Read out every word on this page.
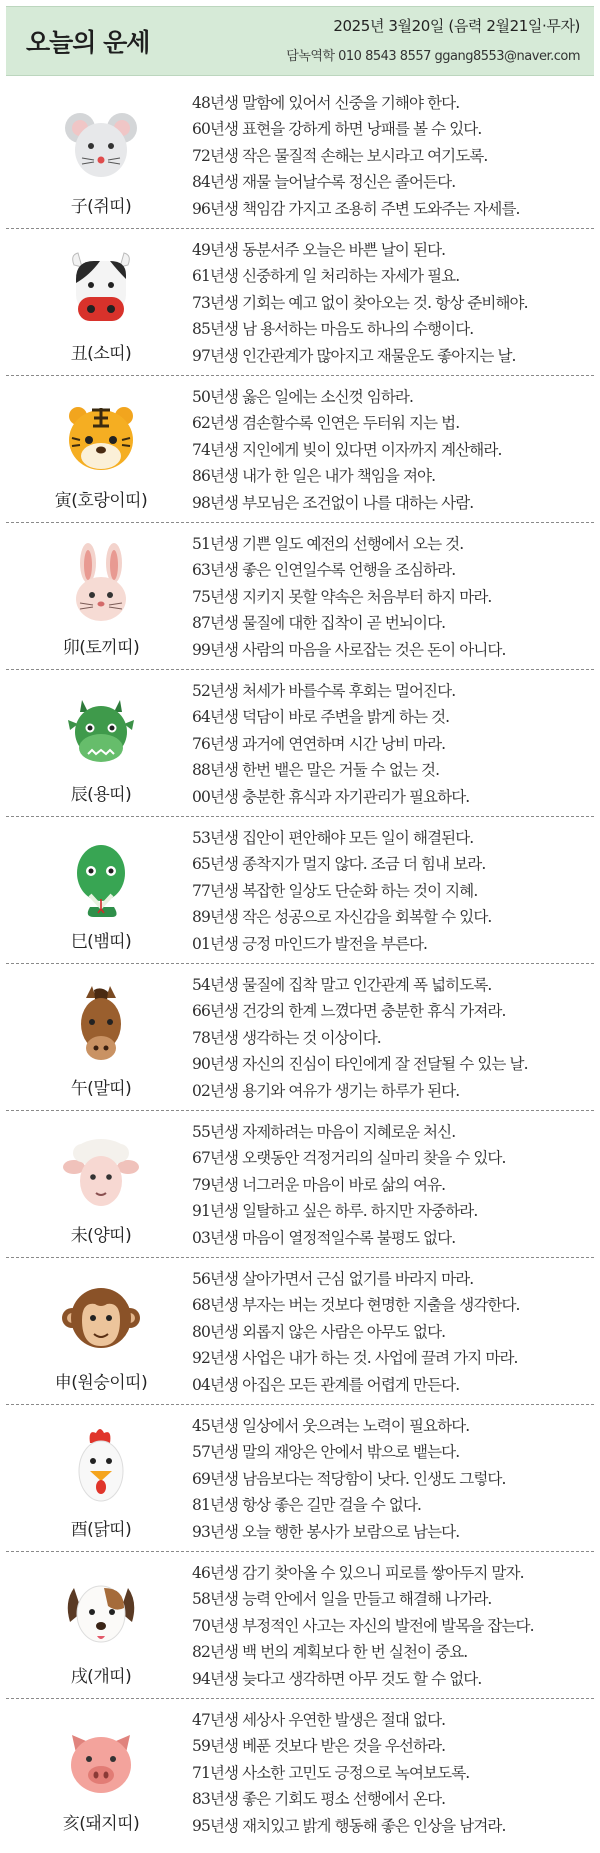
오늘의 운세
2025년 3월20일 (음력 2월21일·무자)
담녹역학 010 8543 8557 ggang8553@naver.com
子(쥐띠)
48년생 말함에 있어서 신중을 기해야 한다.
60년생 표현을 강하게 하면 낭패를 볼 수 있다.
72년생 작은 물질적 손해는 보시라고 여기도록.
84년생 재물 늘어날수록 정신은 졸어든다.
96년생 책임감 가지고 조용히 주변 도와주는 자세를.
丑(소띠)
49년생 동분서주 오늘은 바쁜 날이 된다.
61년생 신중하게 일 처리하는 자세가 필요.
73년생 기회는 예고 없이 찾아오는 것. 항상 준비해야.
85년생 남 용서하는 마음도 하나의 수행이다.
97년생 인간관계가 많아지고 재물운도 좋아지는 날.
寅(호랑이띠)
50년생 옳은 일에는 소신껏 임하라.
62년생 겸손할수록 인연은 두터워 지는 법.
74년생 지인에게 빚이 있다면 이자까지 계산해라.
86년생 내가 한 일은 내가 책임을 져야.
98년생 부모님은 조건없이 나를 대하는 사람.
卯(토끼띠)
51년생 기쁜 일도 예전의 선행에서 오는 것.
63년생 좋은 인연일수록 언행을 조심하라.
75년생 지키지 못할 약속은 처음부터 하지 마라.
87년생 물질에 대한 집착이 곧 번뇌이다.
99년생 사람의 마음을 사로잡는 것은 돈이 아니다.
辰(용띠)
52년생 처세가 바를수록 후회는 멀어진다.
64년생 덕담이 바로 주변을 밝게 하는 것.
76년생 과거에 연연하며 시간 낭비 마라.
88년생 한번 뱉은 말은 거둘 수 없는 것.
00년생 충분한 휴식과 자기관리가 필요하다.
巳(뱀띠)
53년생 집안이 편안해야 모든 일이 해결된다.
65년생 종착지가 멀지 않다. 조금 더 힘내 보라.
77년생 복잡한 일상도 단순화 하는 것이 지혜.
89년생 작은 성공으로 자신감을 회복할 수 있다.
01년생 긍정 마인드가 발전을 부른다.
午(말띠)
54년생 물질에 집착 말고 인간관계 폭 넓히도록.
66년생 건강의 한계 느꼈다면 충분한 휴식 가져라.
78년생 생각하는 것 이상이다.
90년생 자신의 진심이 타인에게 잘 전달될 수 있는 날.
02년생 용기와 여유가 생기는 하루가 된다.
未(양띠)
55년생 자제하려는 마음이 지혜로운 처신.
67년생 오랫동안 걱정거리의 실마리 찾을 수 있다.
79년생 너그러운 마음이 바로 삶의 여유.
91년생 일탈하고 싶은 하루. 하지만 자중하라.
03년생 마음이 열정적일수록 불평도 없다.
申(원숭이띠)
56년생 살아가면서 근심 없기를 바라지 마라.
68년생 부자는 버는 것보다 현명한 지출을 생각한다.
80년생 외롭지 않은 사람은 아무도 없다.
92년생 사업은 내가 하는 것. 사업에 끌려 가지 마라.
04년생 아집은 모든 관계를 어렵게 만든다.
酉(닭띠)
45년생 일상에서 웃으려는 노력이 필요하다.
57년생 말의 재앙은 안에서 밖으로 뱉는다.
69년생 남음보다는 적당함이 낫다. 인생도 그렇다.
81년생 항상 좋은 길만 걸을 수 없다.
93년생 오늘 행한 봉사가 보람으로 남는다.
戌(개띠)
46년생 감기 찾아올 수 있으니 피로를 쌓아두지 말자.
58년생 능력 안에서 일을 만들고 해결해 나가라.
70년생 부정적인 사고는 자신의 발전에 발목을 잡는다.
82년생 백 번의 계획보다 한 번 실천이 중요.
94년생 늦다고 생각하면 아무 것도 할 수 없다.
亥(돼지띠)
47년생 세상사 우연한 발생은 절대 없다.
59년생 베푼 것보다 받은 것을 우선하라.
71년생 사소한 고민도 긍정으로 녹여보도록.
83년생 좋은 기회도 평소 선행에서 온다.
95년생 재치있고 밝게 행동해 좋은 인상을 남겨라.
